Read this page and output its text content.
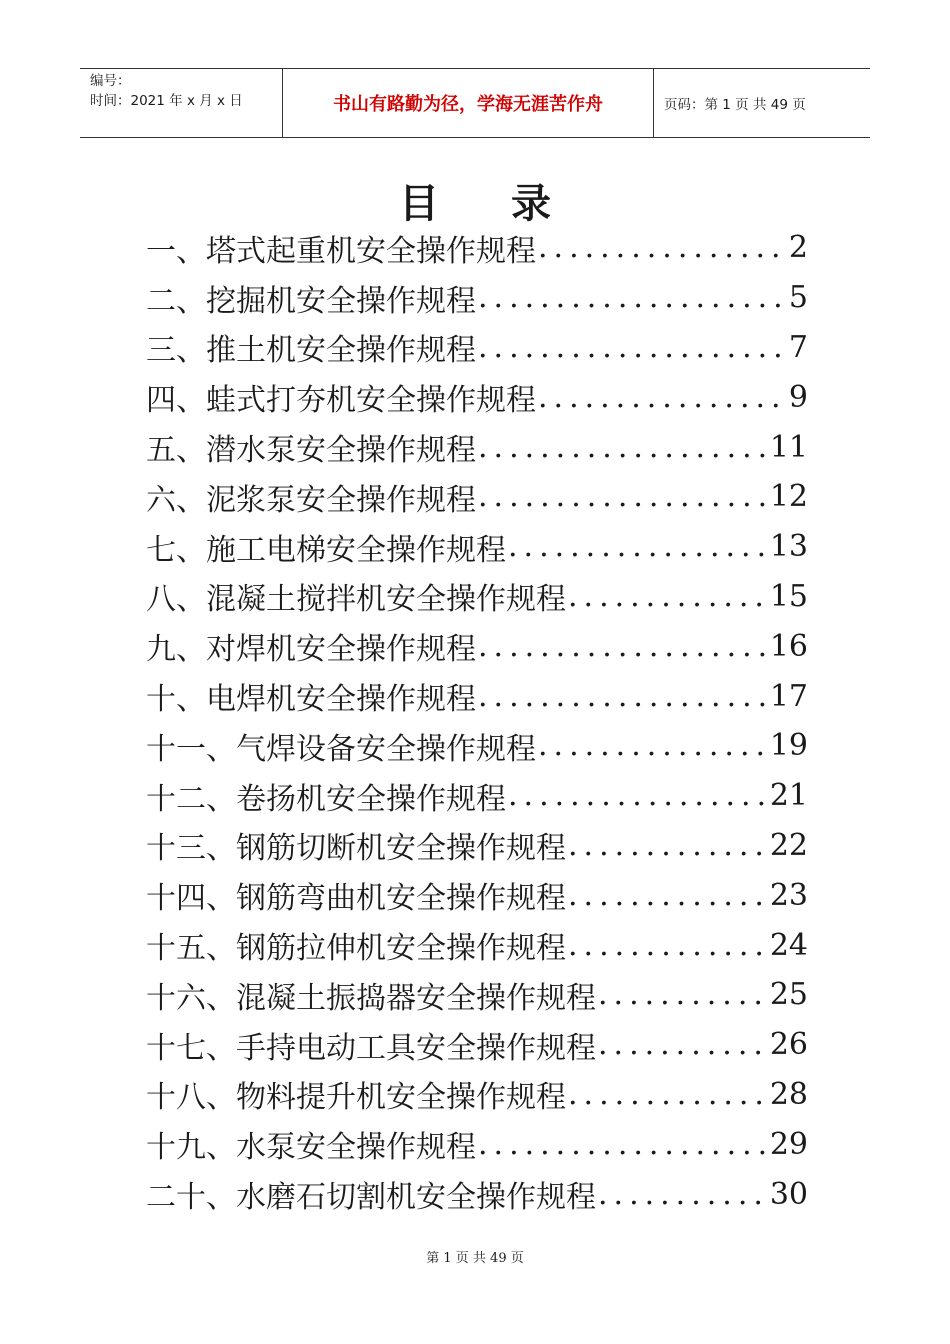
编号：
时间：2021 年 x 月 x 日	书山有路勤为径，学海无涯苦作舟	页码：第 1 页 共 49 页
目 录
一、塔式起重机安全操作规程 .....	2
二、挖掘机安全操作规程 .....	5
三、推土机安全操作规程 .....	7
四、蛙式打夯机安全操作规程 .....	9
五、潜水泵安全操作规程 .....	11
六、泥浆泵安全操作规程 .....	12
七、施工电梯安全操作规程 .....	13
八、混凝土搅拌机安全操作规程 .....	15
九、对焊机安全操作规程 .....	16
十、电焊机安全操作规程 .....	17
十一、气焊设备安全操作规程 .....	19
十二、卷扬机安全操作规程 .....	21
十三、钢筋切断机安全操作规程 .....	22
十四、钢筋弯曲机安全操作规程 .....	23
十五、钢筋拉伸机安全操作规程 .....	24
十六、混凝土振捣器安全操作规程 .....	25
十七、手持电动工具安全操作规程 .....	26
十八、物料提升机安全操作规程 .....	28
十九、水泵安全操作规程 .....	29
二十、水磨石切割机安全操作规程 .....	30
第 1 页 共 49 页
